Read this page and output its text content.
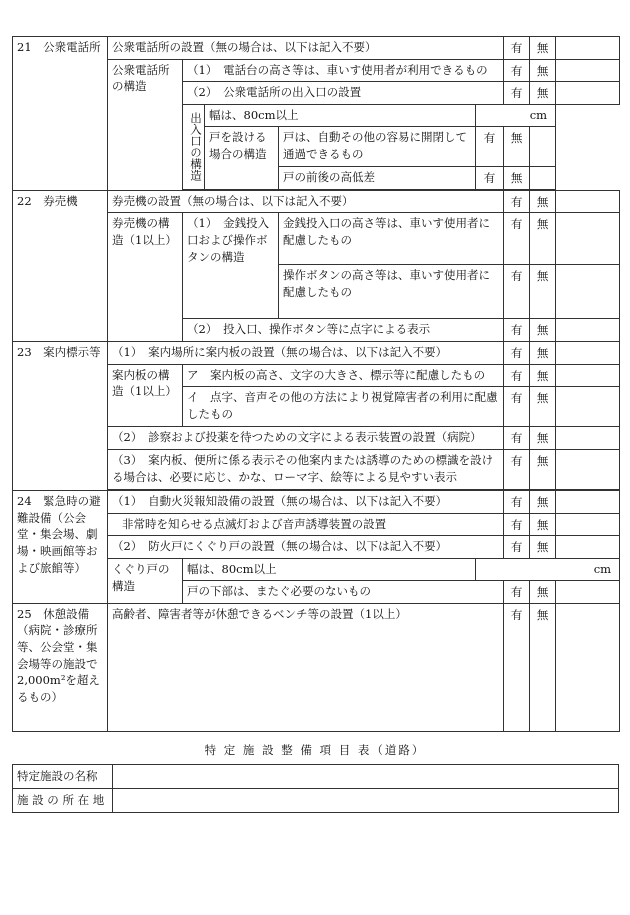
21　公衆電話所	公衆電話所の設置（無の場合は、以下は記入不要）					有	無	
	公衆電話所の構造	（1）　電話台の高さ等は、車いす使用者が利用できるもの				有	無	
		（2）　公衆電話所の出入口の設置				有	無	
		出入口の構造	幅は、80cm以上		cm			
			戸を設ける場合の構造	戸は、自動その他の容易に開閉して通過できるもの	有	無		
				戸の前後の高低差	有	無		

22　券売機	券売機の設置（無の場合は、以下は記入不要）					有	無	
	券売機の構造（1以上）	（1）　金銭投入口および操作ボタンの構造		金銭投入口の高さ等は、車いす使用者に配慮したもの		有	無	
				操作ボタンの高さ等は、車いす使用者に配慮したもの		有	無	
		（2）　投入口、操作ボタン等に点字による表示				有	無	
23　案内標示等	（1）　案内場所に案内板の設置（無の場合は、以下は記入不要）					有	無	
	案内板の構造（1以上）	ア　案内板の高さ、文字の大きさ、標示等に配慮したもの				有	無	
		イ　点字、音声その他の方法により視覚障害者の利用に配慮したもの				有	無	
	（2）　診察および投薬を待つための文字による表示装置の設置（病院）					有	無	
	（3）　案内板、便所に係る表示その他案内または誘導のための標識を設ける場合は、必要に応じ、かな、ローマ字、絵等による見やすい表示					有	無	

24　緊急時の避難設備（公会堂・集会場、劇場・映画館等および旅館等）	（1）　自動火災報知設備の設置（無の場合は、以下は記入不要）					有	無	
	非常時を知らせる点滅灯および音声誘導装置の設置					有	無	
	（2）　防火戸にくぐり戸の設置（無の場合は、以下は記入不要）					有	無	
	くぐり戸の構造	幅は、80cm以上			cm			
		戸の下部は、またぐ必要のないもの				有	無	
25　休憩設備（病院・診療所等、公会堂・集会場等の施設で2,000m²を超えるもの）	高齢者、障害者等が休憩できるベンチ等の設置（1以上）					有	無	
特 定 施 設 整 備 項 目 表（道路）
特定施設の名称	
施 設 の 所 在 地	
